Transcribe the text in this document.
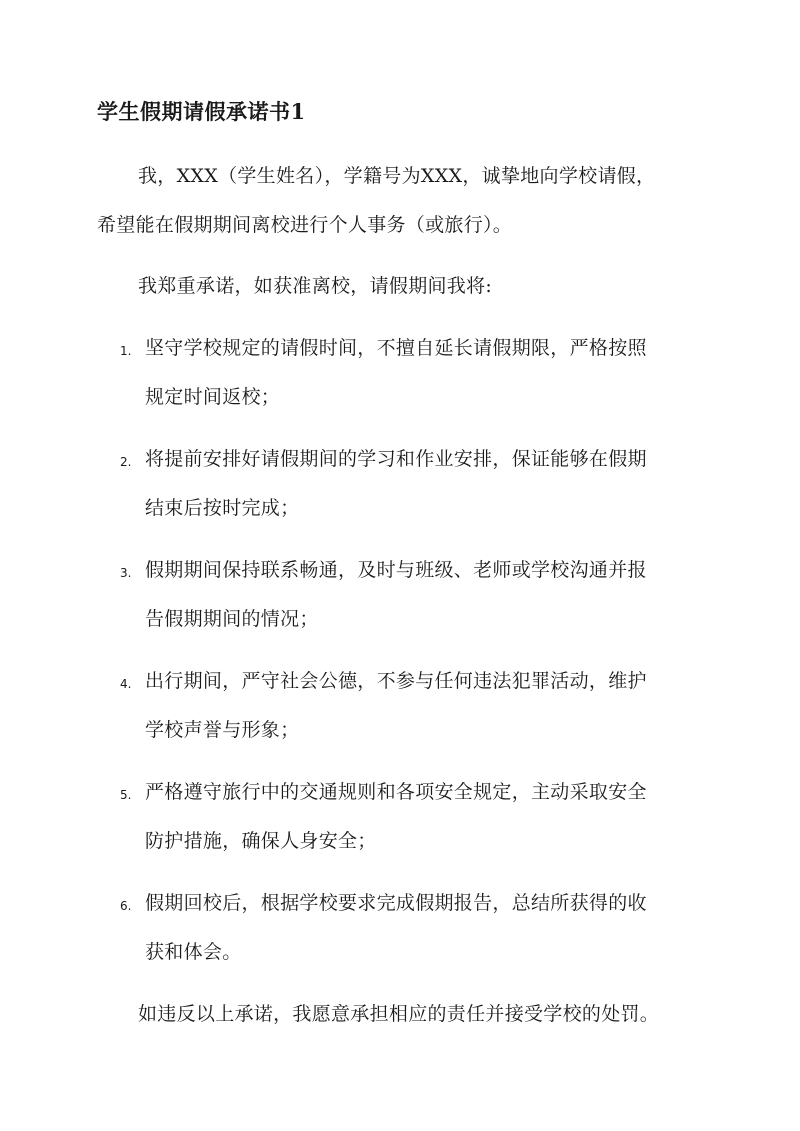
学生假期请假承诺书1
我，XXX（学生姓名），学籍号为XXX，诚挚地向学校请假，
希望能在假期期间离校进行个人事务（或旅行）。
我郑重承诺，如获准离校，请假期间我将:
1. 坚守学校规定的请假时间，不擅自延长请假期限，严格按照
规定时间返校；
2. 将提前安排好请假期间的学习和作业安排，保证能够在假期
结束后按时完成；
3. 假期期间保持联系畅通，及时与班级、老师或学校沟通并报
告假期期间的情况；
4. 出行期间，严守社会公德，不参与任何违法犯罪活动，维护
学校声誉与形象；
5. 严格遵守旅行中的交通规则和各项安全规定，主动采取安全
防护措施，确保人身安全；
6. 假期回校后，根据学校要求完成假期报告，总结所获得的收
获和体会。
如违反以上承诺，我愿意承担相应的责任并接受学校的处罚。
